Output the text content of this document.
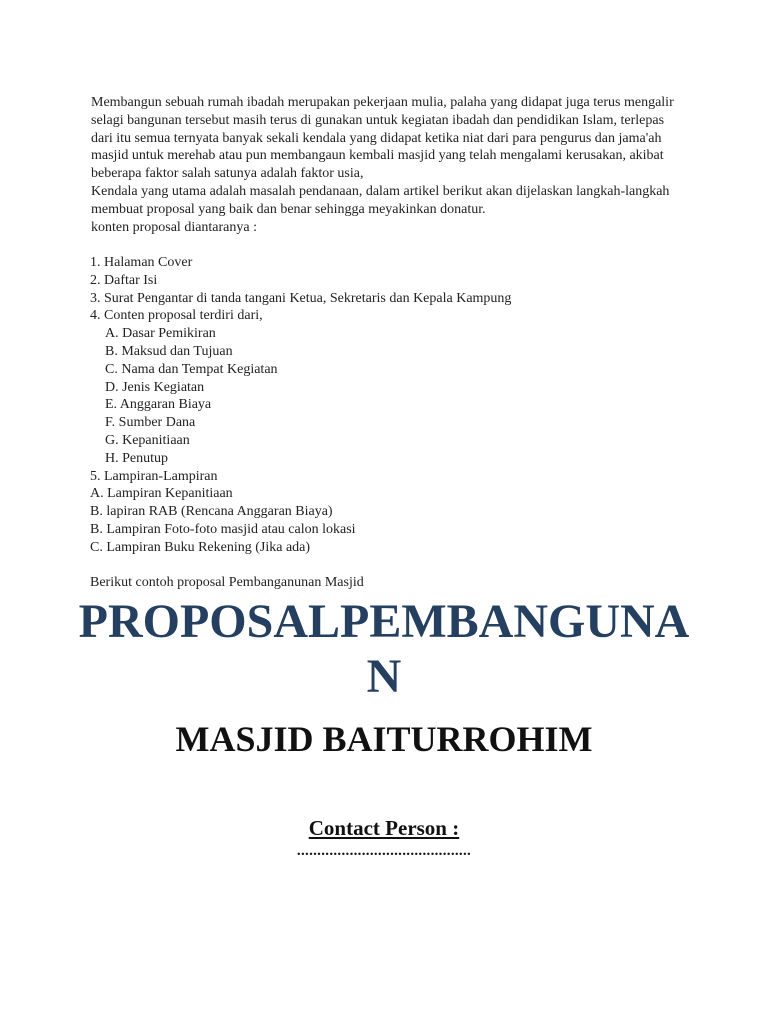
Membangun sebuah rumah ibadah merupakan pekerjaan mulia, palaha yang didapat juga terus mengalir selagi bangunan tersebut masih terus di gunakan untuk kegiatan ibadah dan pendidikan Islam, terlepas dari itu semua ternyata banyak sekali kendala yang didapat ketika niat dari para pengurus dan jama'ah masjid untuk merehab atau pun membangaun kembali masjid yang telah mengalami kerusakan, akibat beberapa faktor salah satunya adalah faktor usia,

Kendala yang utama adalah masalah pendanaan, dalam artikel berikut akan dijelaskan langkah-langkah membuat proposal yang baik dan benar sehingga meyakinkan donatur.

konten proposal diantaranya :

1. Halaman Cover
2. Daftar Isi
3. Surat Pengantar di tanda tangani Ketua, Sekretaris dan Kepala Kampung
4. Conten proposal terdiri dari,
A. Dasar Pemikiran
B. Maksud dan Tujuan
C. Nama dan Tempat Kegiatan
D. Jenis Kegiatan
E. Anggaran Biaya
F. Sumber Dana
G. Kepanitiaan
H. Penutup
5. Lampiran-Lampiran
A. Lampiran Kepanitiaan
B. lapiran RAB (Rencana Anggaran Biaya)
B. Lampiran Foto-foto masjid atau calon lokasi
C. Lampiran Buku Rekening (Jika ada)

Berikut contoh proposal Pembanganunan Masjid

PROPOSALPEMBANGUNA
N
MASJID BAITURROHIM

Contact Person :

...........................................
